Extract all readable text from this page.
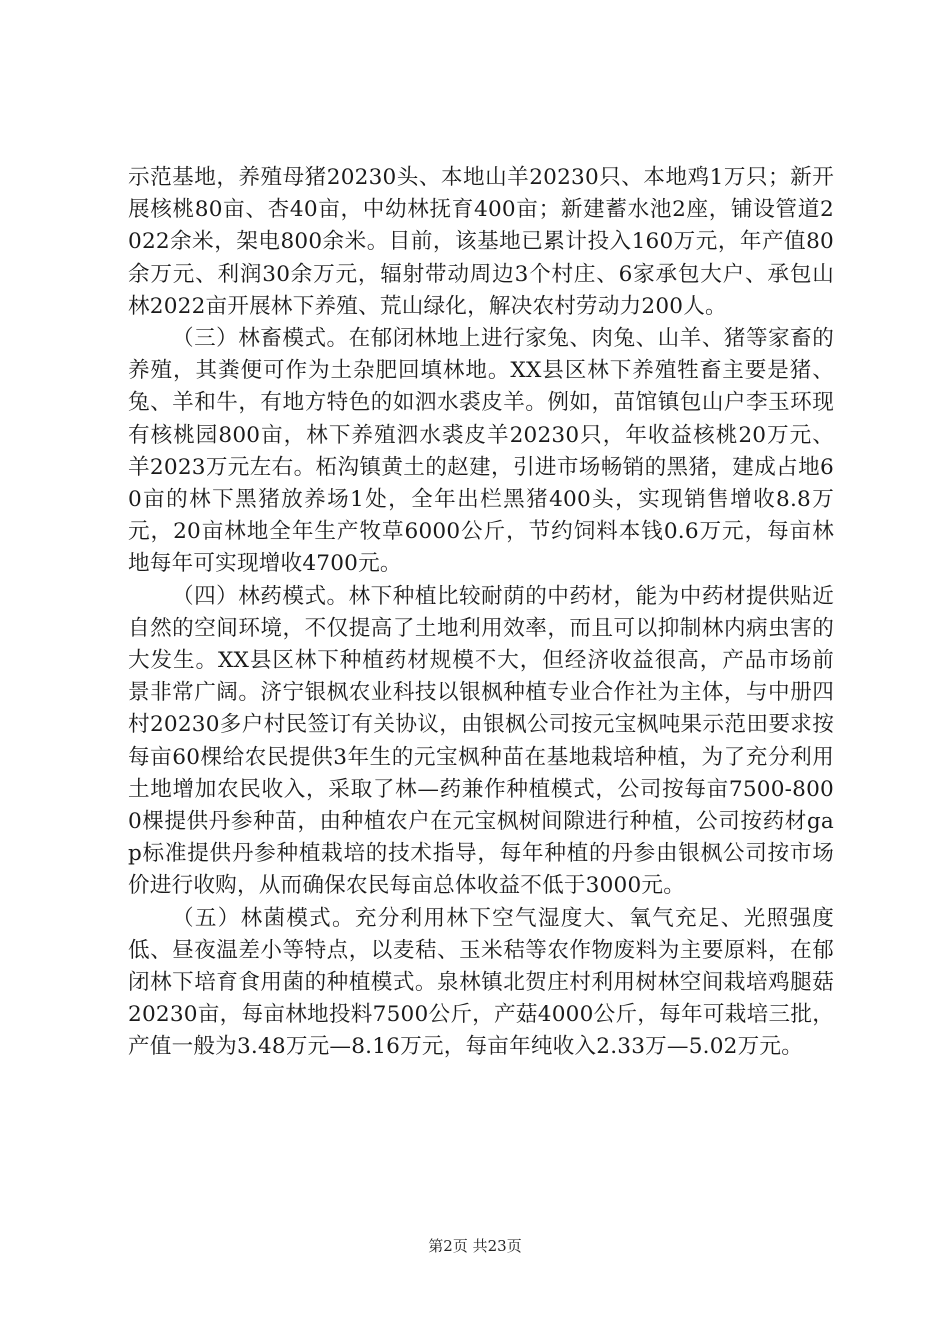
示范基地，养殖母猪20230头、本地山羊20230只、本地鸡1万只；新开展核桃80亩、杏40亩，中幼林抚育400亩；新建蓄水池2座，铺设管道2022余米，架电800余米。目前，该基地已累计投入160万元，年产值80余万元、利润30余万元，辐射带动周边3个村庄、6家承包大户、承包山林2022亩开展林下养殖、荒山绿化，解决农村劳动力200人。

（三）林畜模式。在郁闭林地上进行家兔、肉兔、山羊、猪等家畜的养殖，其粪便可作为土杂肥回填林地。XX县区林下养殖牲畜主要是猪、兔、羊和牛，有地方特色的如泗水裘皮羊。例如，苗馆镇包山户李玉环现有核桃园800亩，林下养殖泗水裘皮羊20230只，年收益核桃20万元、羊2023万元左右。柘沟镇黄土的赵建，引进市场畅销的黑猪，建成占地60亩的林下黑猪放养场1处，全年出栏黑猪400头，实现销售增收8.8万元，20亩林地全年生产牧草6000公斤，节约饲料本钱0.6万元，每亩林地每年可实现增收4700元。

（四）林药模式。林下种植比较耐荫的中药材，能为中药材提供贴近自然的空间环境，不仅提高了土地利用效率，而且可以抑制林内病虫害的大发生。XX县区林下种植药材规模不大，但经济收益很高，产品市场前景非常广阔。济宁银枫农业科技以银枫种植专业合作社为主体，与中册四村20230多户村民签订有关协议，由银枫公司按元宝枫吨果示范田要求按每亩60棵给农民提供3年生的元宝枫种苗在基地栽培种植，为了充分利用土地增加农民收入，采取了林—药兼作种植模式，公司按每亩7500-8000棵提供丹参种苗，由种植农户在元宝枫树间隙进行种植，公司按药材gap标准提供丹参种植栽培的技术指导，每年种植的丹参由银枫公司按市场价进行收购，从而确保农民每亩总体收益不低于3000元。

（五）林菌模式。充分利用林下空气湿度大、氧气充足、光照强度低、昼夜温差小等特点，以麦秸、玉米秸等农作物废料为主要原料，在郁闭林下培育食用菌的种植模式。泉林镇北贺庄村利用树林空间栽培鸡腿菇20230亩，每亩林地投料7500公斤，产菇4000公斤，每年可栽培三批，产值一般为3.48万元—8.16万元，每亩年纯收入2.33万—5.02万元。

第2页 共23页
